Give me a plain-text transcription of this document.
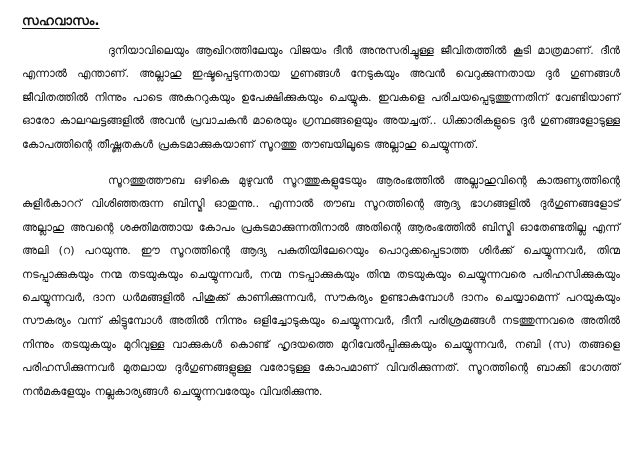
സഹവാസം.

ദുനിയാവിലെയും ആഖിറത്തിലേയും വിജയം ദീൻ അനുസരിച്ചുള്ള ജീവിതത്തിൽ കൂടി മാത്രമാണ്. ദീൻ എന്നാൽ എന്താണ്. അല്ലാഹു ഇഷ്ടപ്പെടുന്നതായ ഗുണങ്ങൾ നേടുകയും അവൻ വെറുക്കുന്നതായ ദുർ ഗുണങ്ങൾ ജീവിതത്തിൽ നിന്നും പാടെ അകററുകയും ഉപേക്ഷിക്കുകയും ചെയ്യുക. ഇവകളെ പരിചയപ്പെടുത്തുന്നതിന് വേണ്ടിയാണ് ഓരോ കാലഘട്ടങ്ങളിൽ അവൻ പ്രവാചകൻ മാരെയും ഗ്രന്ഥങ്ങളെയും അയച്ചത്.. ധിക്കാരികളുടെ ദുർ ഗുണങ്ങളോടുള്ള കോപത്തിന്റെ തീഷ്ണതകൾ പ്രകടമാക്കുകയാണ് സൂറത്തു തൗബയിലൂടെ അല്ലാഹു ചെയ്യുന്നത്.

സൂറത്തുത്തൗബ ഒഴികെ മുഴുവൻ സൂറത്തുകളുടേയും ആരംഭത്തിൽ അല്ലാഹുവിന്റെ കാരുണ്യത്തിന്റെ കുളിർകാററ് വിശിഞ്ഞരുന്ന ബിസ്മി ഓതുന്നു.. എന്നാൽ തൗബ സൂറത്തിന്റെ ആദ്യ ഭാഗങ്ങളിൽ ദുർഗുണങ്ങളോട് അല്ലാഹു അവന്റെ ശക്തിമത്തായ കോപം പ്രകടമാക്കുന്നതിനാൽ അതിന്റെ ആരംഭത്തിൽ ബിസ്മി ഓതേണ്ടതില്ല എന്ന് അലി (റ) പറയുന്നു. ഈ സൂറത്തിന്റെ ആദ്യ പകുതിയിലേറെയും പൊറുക്കപ്പെടാത്ത ശിർക്ക് ചെയ്യുന്നവർ, തിന്മ നടപ്പാക്കുകയും നന്മ തടയുകയും ചെയ്യുന്നവർ, നന്മ നടപ്പാക്കുകയും തിന്മ തടയുകയും ചെയ്യുന്നവരെ പരിഹസിക്കുകയും ചെയ്യുന്നവർ, ദാന ധർമങ്ങളിൽ പിശുക്ക് കാണിക്കുന്നവർ, സൗകര്യം ഉണ്ടാകുമ്പോൾ ദാനം ചെയ്യാമെന്ന് പറയുകയും സൗകര്യം വന്ന് കിട്ടുമ്പോൾ അതിൽ നിന്നും ഒളിച്ചോടുകയും ചെയ്യുന്നവർ, ദീനീ പരിശ്രമങ്ങൾ നടത്തുന്നവരെ അതിൽ നിന്നും തടയുകയും മുറിവുള്ള വാക്കുകൾ കൊണ്ട് ഹൃദയത്തെ മുറിവേൽപ്പിക്കുകയും ചെയ്യുന്നവർ, നബി (സ) തങ്ങളെ പരിഹസിക്കുന്നവർ മുതലായ ദുർഗുണങ്ങളുള്ള വരോടുള്ള കോപമാണ് വിവരിക്കുന്നത്. സൂറത്തിന്റെ ബാക്കി ഭാഗത്ത് നൻമകളേയും നല്ലകാര്യങ്ങൾ ചെയ്യുന്നവരേയും വിവരിക്കുന്നു.
